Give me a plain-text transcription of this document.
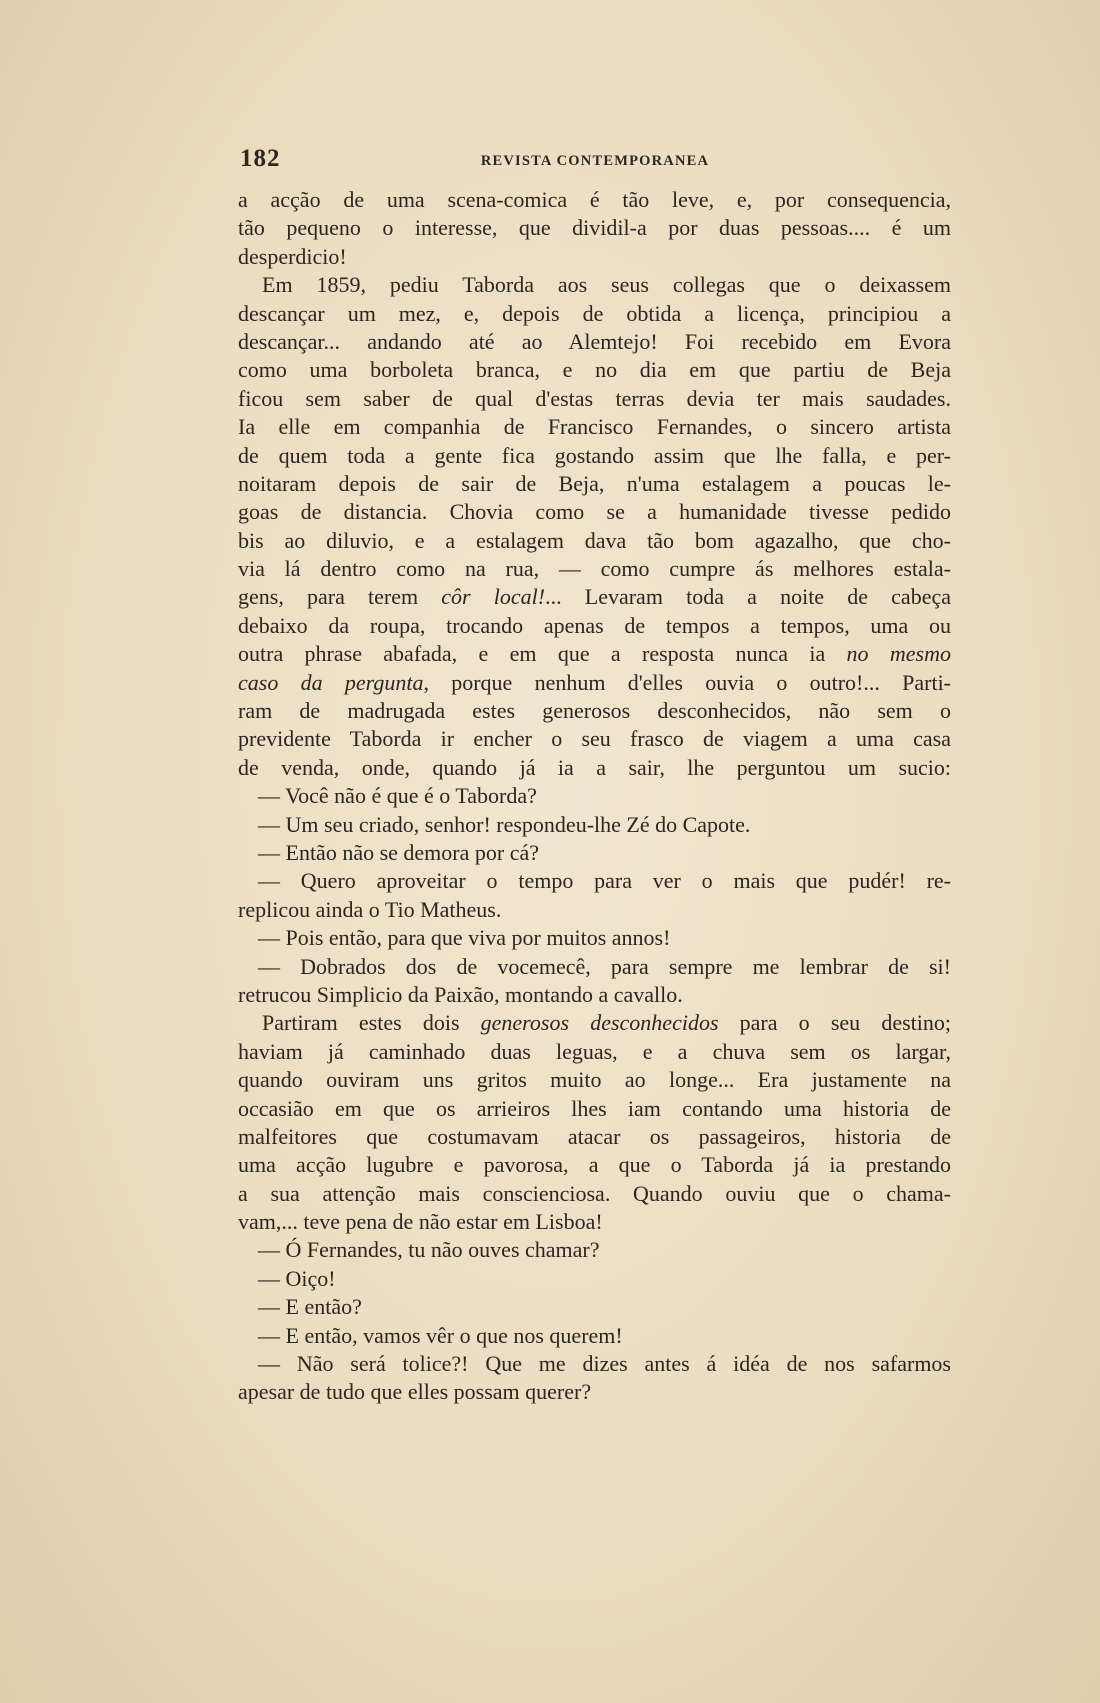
182	REVISTA CONTEMPORANEA
a acção de uma scena-comica é tão leve, e, por consequencia,
tão pequeno o interesse, que dividil-a por duas pessoas.... é um
desperdicio!
Em 1859, pediu Taborda aos seus collegas que o deixassem
descançar um mez, e, depois de obtida a licença, principiou a
descançar... andando até ao Alemtejo! Foi recebido em Evora
como uma borboleta branca, e no dia em que partiu de Beja
ficou sem saber de qual d'estas terras devia ter mais saudades.
Ia elle em companhia de Francisco Fernandes, o sincero artista
de quem toda a gente fica gostando assim que lhe falla, e per-
noitaram depois de sair de Beja, n'uma estalagem a poucas le-
goas de distancia. Chovia como se a humanidade tivesse pedido
bis ao diluvio, e a estalagem dava tão bom agazalho, que cho-
via lá dentro como na rua, — como cumpre ás melhores estala-
gens, para terem côr local!... Levaram toda a noite de cabeça
debaixo da roupa, trocando apenas de tempos a tempos, uma ou
outra phrase abafada, e em que a resposta nunca ia no mesmo
caso da pergunta, porque nenhum d'elles ouvia o outro!... Parti-
ram de madrugada estes generosos desconhecidos, não sem o
previdente Taborda ir encher o seu frasco de viagem a uma casa
de venda, onde, quando já ia a sair, lhe perguntou um sucio:
— Você não é que é o Taborda?
— Um seu criado, senhor! respondeu-lhe Zé do Capote.
— Então não se demora por cá?
— Quero aproveitar o tempo para ver o mais que pudér! re-
replicou ainda o Tio Matheus.
— Pois então, para que viva por muitos annos!
— Dobrados dos de vocemecê, para sempre me lembrar de si!
retrucou Simplicio da Paixão, montando a cavallo.
Partiram estes dois generosos desconhecidos para o seu destino;
haviam já caminhado duas leguas, e a chuva sem os largar,
quando ouviram uns gritos muito ao longe... Era justamente na
occasião em que os arrieiros lhes iam contando uma historia de
malfeitores que costumavam atacar os passageiros, historia de
uma acção lugubre e pavorosa, a que o Taborda já ia prestando
a sua attenção mais conscienciosa. Quando ouviu que o chama-
vam,... teve pena de não estar em Lisboa!
— Ó Fernandes, tu não ouves chamar?
— Oiço!
— E então?
— E então, vamos vêr o que nos querem!
— Não será tolice?! Que me dizes antes á idéa de nos safarmos
apesar de tudo que elles possam querer?
